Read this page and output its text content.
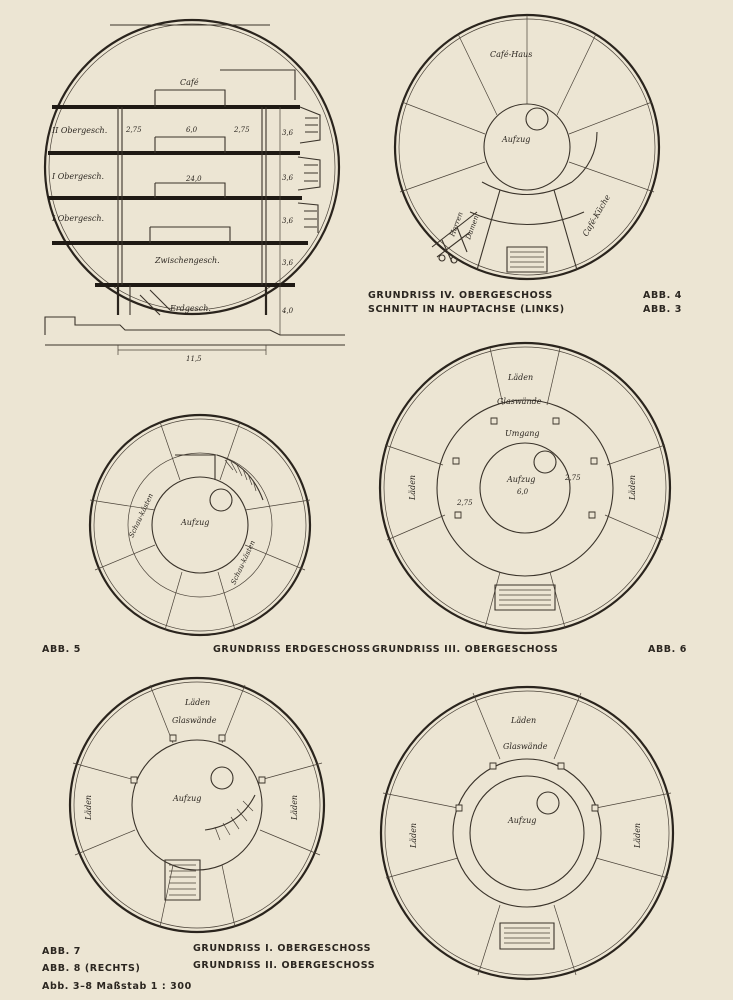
Café
II Obergesch.
I Obergesch.
I Obergesch.
Zwischengesch.
Erdgesch.
2,75	6,0	2,75
24,0
3,6
3,6
3,6
3,6
4,0
11,5
Café-Haus
Aufzug
Herren Damen	Café-Küche
GRUNDRISS IV. OBERGESCHOSS	ABB. 4
SCHNITT IN HAUPTACHSE (LINKS)	ABB. 3
Aufzug
Schau-kästen
Schau-kästen
Läden
Glaswände
Umgang
Aufzug
6,0
2,75
2,75
Läden	Läden
ABB. 5	GRUNDRISS ERDGESCHOSS GRUNDRISS III. OBERGESCHOSS	ABB. 6
Läden
Glaswände
Aufzug
Läden	Läden
Läden
Glaswände
Aufzug
Läden	Läden
ABB. 7
ABB. 8 (RECHTS)
Abb. 3–8 Maßstab 1 : 300
GRUNDRISS I. OBERGESCHOSS
GRUNDRISS II. OBERGESCHOSS
